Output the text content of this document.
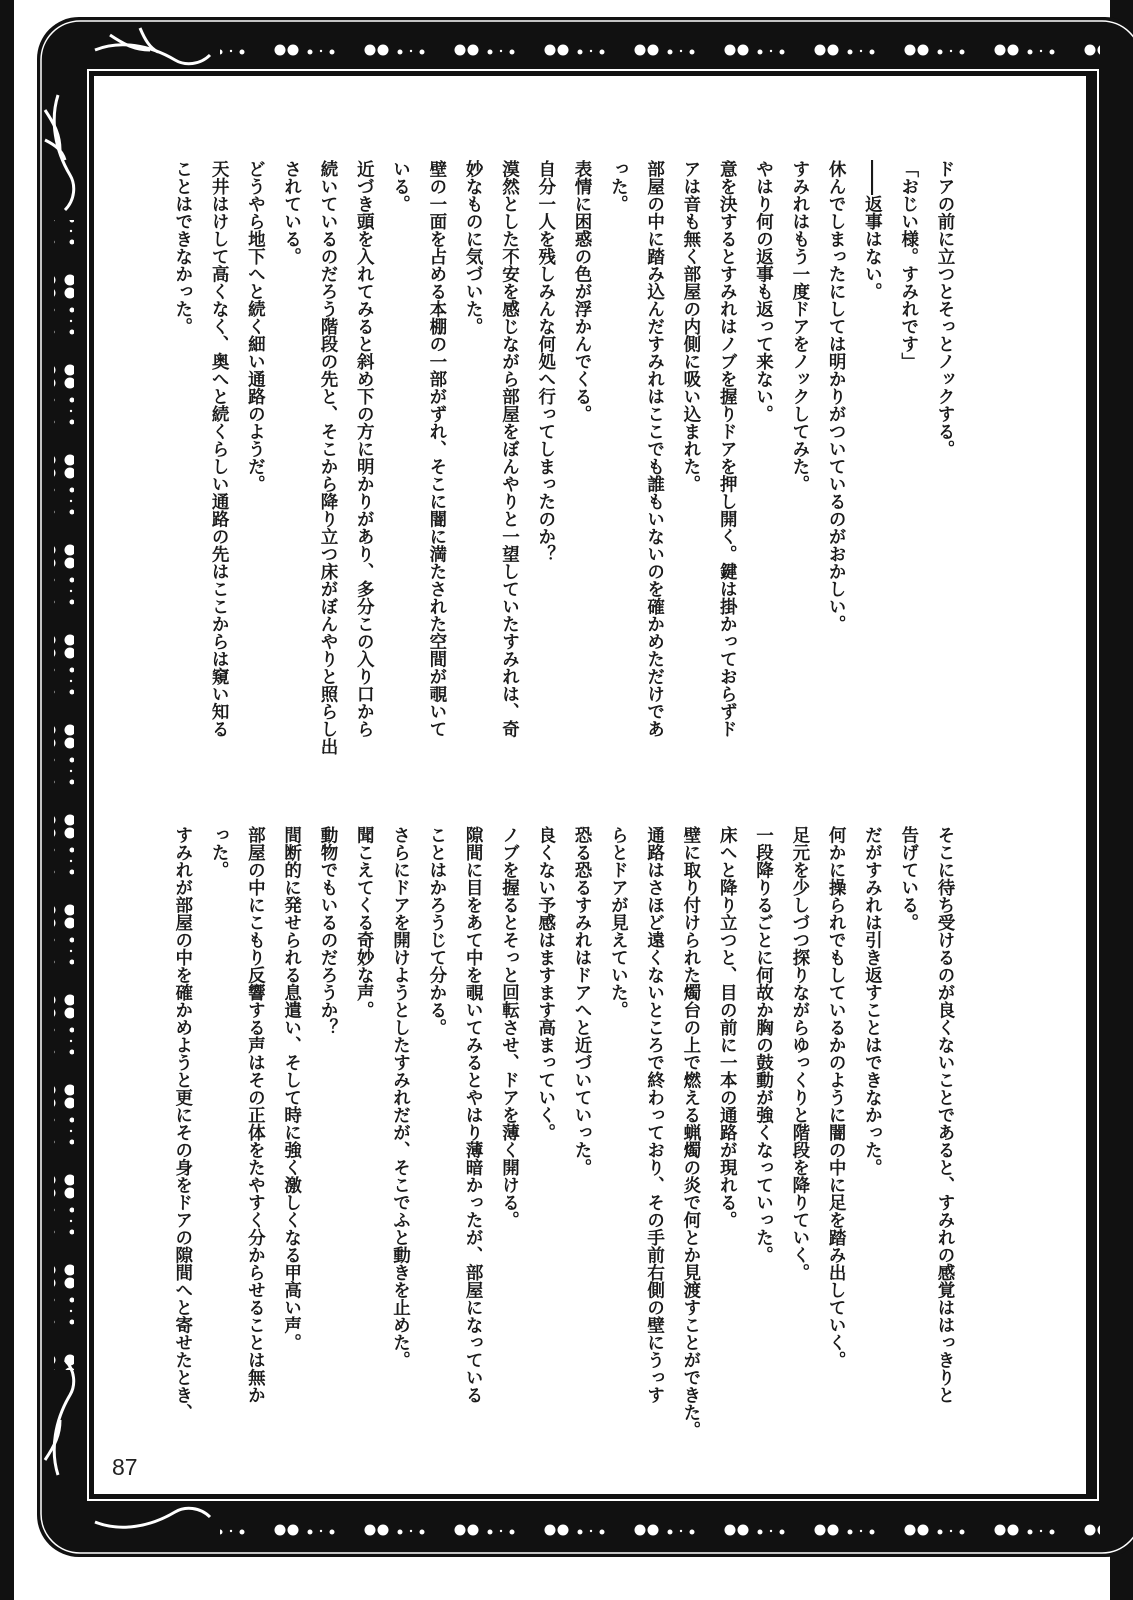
ドアの前に立つとそっとノックする。
「おじい様。すみれです」
――返事はない。
休んでしまったにしては明かりがついているのがおかしい。
すみれはもう一度ドアをノックしてみた。
やはり何の返事も返って来ない。
意を決するとすみれはノブを握りドアを押し開く。鍵は掛かっておらずド
アは音も無く部屋の内側に吸い込まれた。
部屋の中に踏み込んだすみれはここでも誰もいないのを確かめただけであ
った。
表情に困惑の色が浮かんでくる。
自分一人を残しみんな何処へ行ってしまったのか？
漠然とした不安を感じながら部屋をぼんやりと一望していたすみれは、奇
妙なものに気づいた。
壁の一面を占める本棚の一部がずれ、そこに闇に満たされた空間が覗いて
いる。
近づき頭を入れてみると斜め下の方に明かりがあり、多分この入り口から
続いているのだろう階段の先と、そこから降り立つ床がぼんやりと照らし出
されている。
どうやら地下へと続く細い通路のようだ。
天井はけして高くなく、奥へと続くらしい通路の先はここからは窺い知る
ことはできなかった。
そこに待ち受けるのが良くないことであると、すみれの感覚ははっきりと
告げている。
だがすみれは引き返すことはできなかった。
何かに操られでもしているかのように闇の中に足を踏み出していく。
足元を少しづつ探りながらゆっくりと階段を降りていく。
一段降りるごとに何故か胸の鼓動が強くなっていった。
床へと降り立つと、目の前に一本の通路が現れる。
壁に取り付けられた燭台の上で燃える蝋燭の炎で何とか見渡すことができた。
通路はさほど遠くないところで終わっており、その手前右側の壁にうっす
らとドアが見えていた。
恐る恐るすみれはドアへと近づいていった。
良くない予感はますます高まっていく。
ノブを握るとそっと回転させ、ドアを薄く開ける。
隙間に目をあて中を覗いてみるとやはり薄暗かったが、部屋になっている
ことはかろうじて分かる。
さらにドアを開けようとしたすみれだが、そこでふと動きを止めた。
聞こえてくる奇妙な声。
動物でもいるのだろうか？
間断的に発せられる息遣い、そして時に強く激しくなる甲高い声。
部屋の中にこもり反響する声はその正体をたやすく分からせることは無か
った。
すみれが部屋の中を確かめようと更にその身をドアの隙間へと寄せたとき、
87
